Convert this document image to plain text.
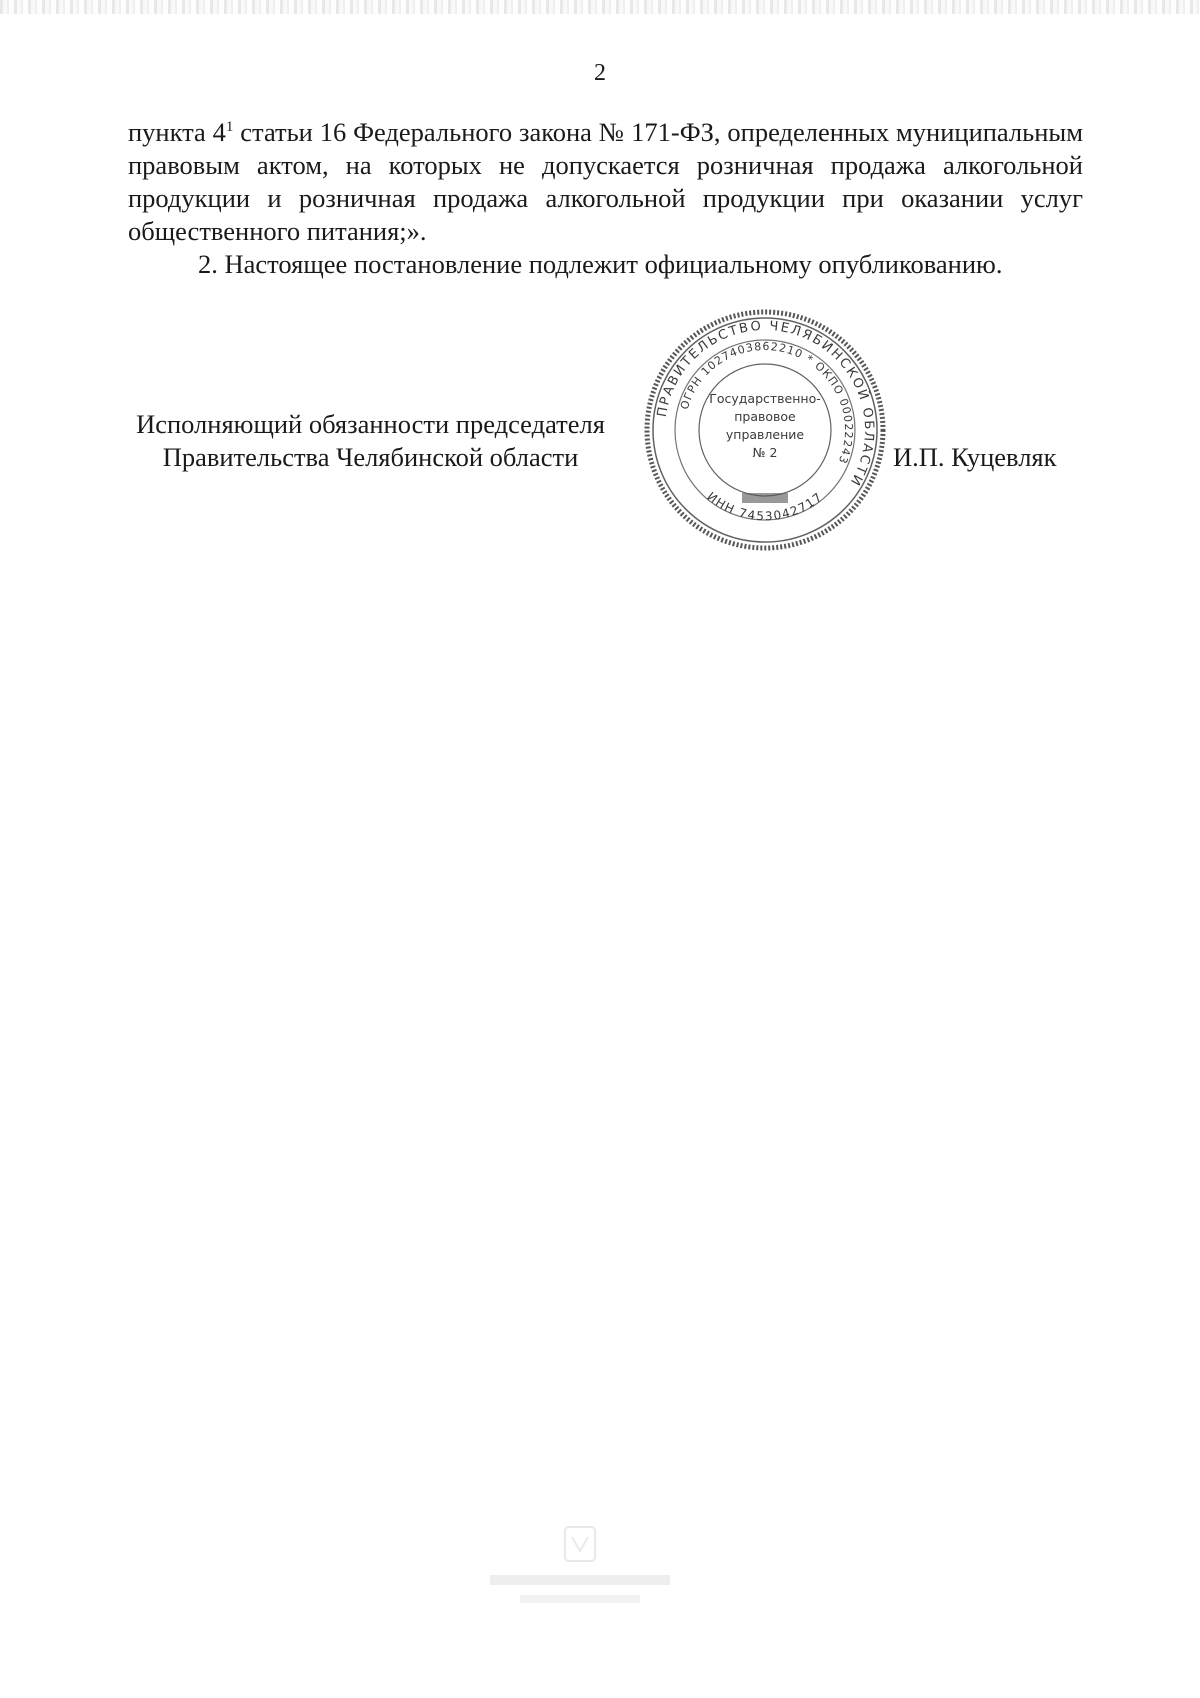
2

пункта $4^1$ статьи 16 Федерального закона № 171-ФЗ, определенных муниципальным правовым актом, на которых не допускается розничная продажа алкогольной продукции и розничная продажа алкогольной продукции при оказании услуг общественного питания;».

2. Настоящее постановление подлежит официальному опубликованию.

Исполняющий обязанности председателя
Правительства Челябинской области
ПРАВИТЕЛЬСТВО ЧЕЛЯБИНСКОЙ ОБЛАСТИ
ОГРН 1027403862210 * ОКПО 00022243
ИНН 7453042717
Государственно-
правовое
управление
№ 2	И.П. Куцевляк
